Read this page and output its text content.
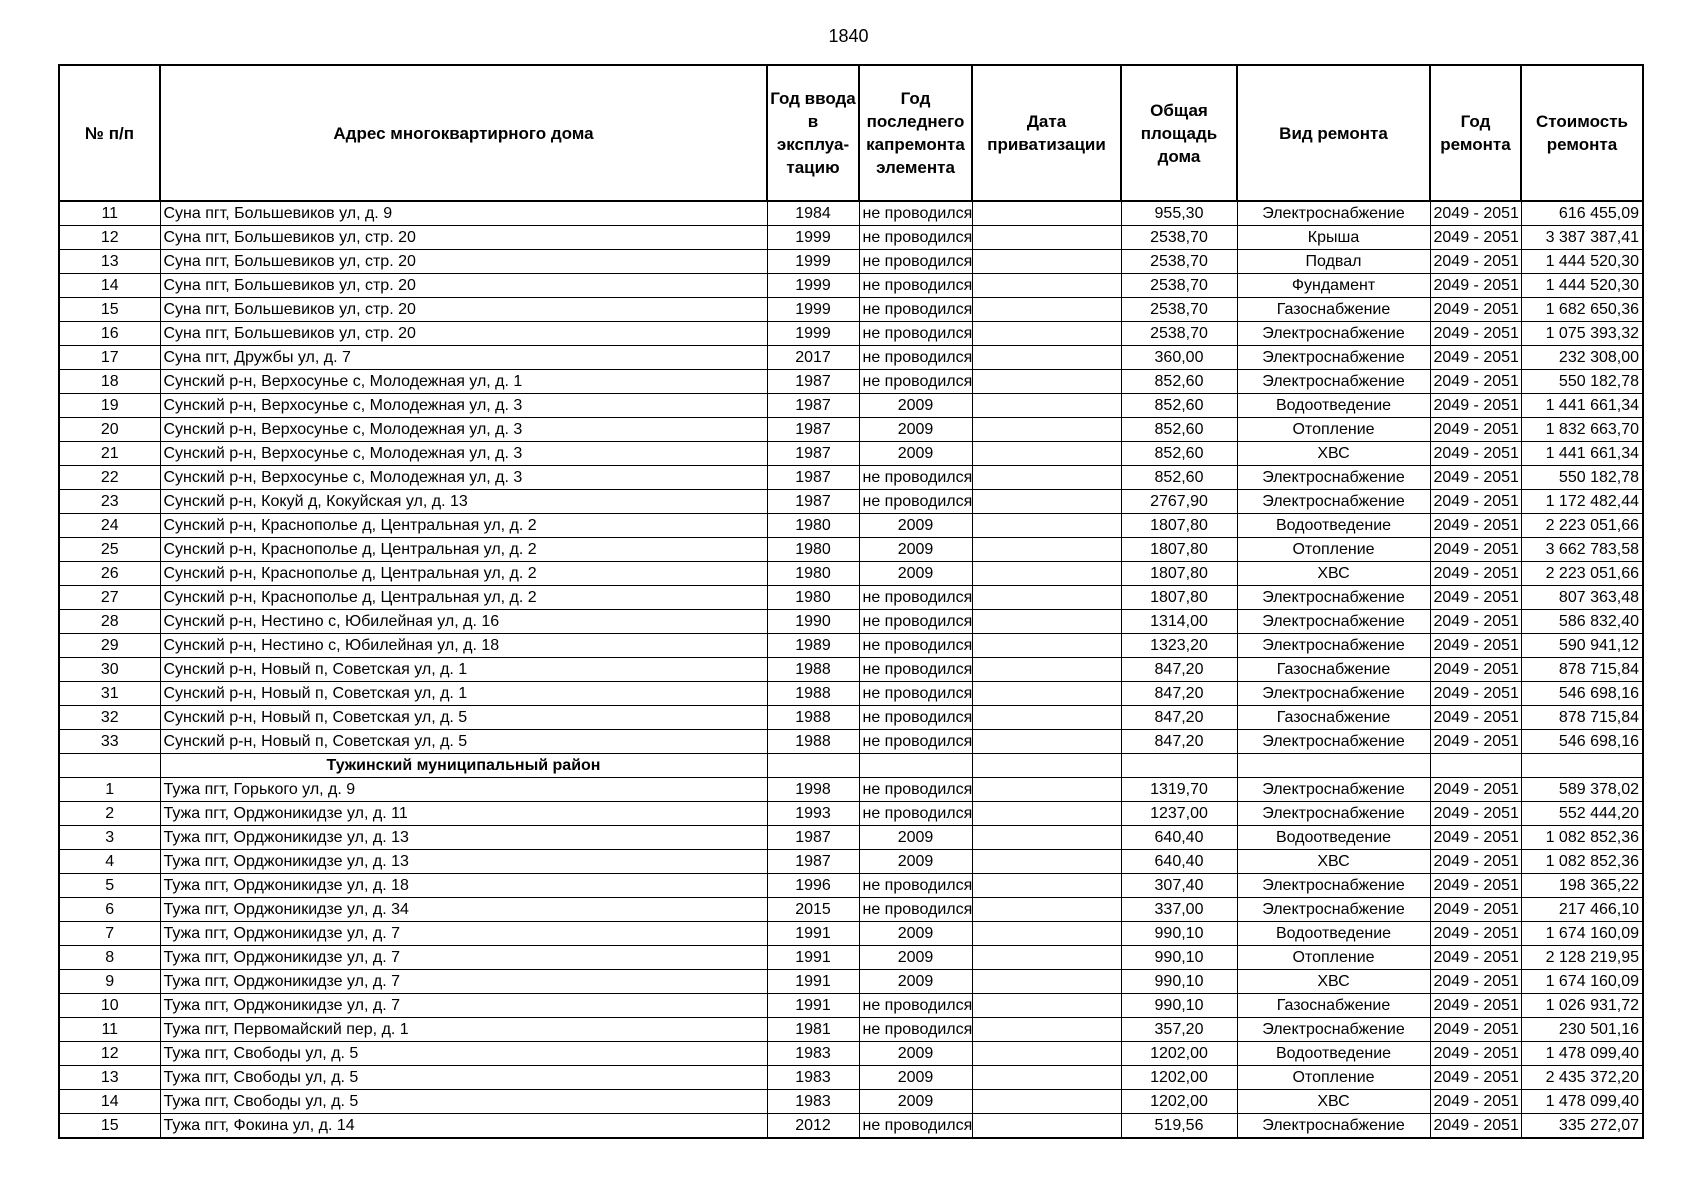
1840
№ п/п	Адрес многоквартирного дома	Год ввода в эксплуа-тацию	Год последнего капремонта элемента	Дата приватизации	Общая площадь дома	Вид ремонта	Год ремонта	Стоимость ремонта
11	Суна пгт, Большевиков ул, д. 9	1984	не проводился		955,30	Электроснабжение	2049 - 2051	616 455,09
12	Суна пгт, Большевиков ул, стр. 20	1999	не проводился		2538,70	Крыша	2049 - 2051	3 387 387,41
13	Суна пгт, Большевиков ул, стр. 20	1999	не проводился		2538,70	Подвал	2049 - 2051	1 444 520,30
14	Суна пгт, Большевиков ул, стр. 20	1999	не проводился		2538,70	Фундамент	2049 - 2051	1 444 520,30
15	Суна пгт, Большевиков ул, стр. 20	1999	не проводился		2538,70	Газоснабжение	2049 - 2051	1 682 650,36
16	Суна пгт, Большевиков ул, стр. 20	1999	не проводился		2538,70	Электроснабжение	2049 - 2051	1 075 393,32
17	Суна пгт, Дружбы ул, д. 7	2017	не проводился		360,00	Электроснабжение	2049 - 2051	232 308,00
18	Сунский р-н, Верхосунье с, Молодежная ул, д. 1	1987	не проводился		852,60	Электроснабжение	2049 - 2051	550 182,78
19	Сунский р-н, Верхосунье с, Молодежная ул, д. 3	1987	2009		852,60	Водоотведение	2049 - 2051	1 441 661,34
20	Сунский р-н, Верхосунье с, Молодежная ул, д. 3	1987	2009		852,60	Отопление	2049 - 2051	1 832 663,70
21	Сунский р-н, Верхосунье с, Молодежная ул, д. 3	1987	2009		852,60	ХВС	2049 - 2051	1 441 661,34
22	Сунский р-н, Верхосунье с, Молодежная ул, д. 3	1987	не проводился		852,60	Электроснабжение	2049 - 2051	550 182,78
23	Сунский р-н, Кокуй д, Кокуйская ул, д. 13	1987	не проводился		2767,90	Электроснабжение	2049 - 2051	1 172 482,44
24	Сунский р-н, Краснополье д, Центральная ул, д. 2	1980	2009		1807,80	Водоотведение	2049 - 2051	2 223 051,66
25	Сунский р-н, Краснополье д, Центральная ул, д. 2	1980	2009		1807,80	Отопление	2049 - 2051	3 662 783,58
26	Сунский р-н, Краснополье д, Центральная ул, д. 2	1980	2009		1807,80	ХВС	2049 - 2051	2 223 051,66
27	Сунский р-н, Краснополье д, Центральная ул, д. 2	1980	не проводился		1807,80	Электроснабжение	2049 - 2051	807 363,48
28	Сунский р-н, Нестино с, Юбилейная ул, д. 16	1990	не проводился		1314,00	Электроснабжение	2049 - 2051	586 832,40
29	Сунский р-н, Нестино с, Юбилейная ул, д. 18	1989	не проводился		1323,20	Электроснабжение	2049 - 2051	590 941,12
30	Сунский р-н, Новый п, Советская ул, д. 1	1988	не проводился		847,20	Газоснабжение	2049 - 2051	878 715,84
31	Сунский р-н, Новый п, Советская ул, д. 1	1988	не проводился		847,20	Электроснабжение	2049 - 2051	546 698,16
32	Сунский р-н, Новый п, Советская ул, д. 5	1988	не проводился		847,20	Газоснабжение	2049 - 2051	878 715,84
33	Сунский р-н, Новый п, Советская ул, д. 5	1988	не проводился		847,20	Электроснабжение	2049 - 2051	546 698,16
	Тужинский муниципальный район							
1	Тужа пгт, Горького ул, д. 9	1998	не проводился		1319,70	Электроснабжение	2049 - 2051	589 378,02
2	Тужа пгт, Орджоникидзе ул, д. 11	1993	не проводился		1237,00	Электроснабжение	2049 - 2051	552 444,20
3	Тужа пгт, Орджоникидзе ул, д. 13	1987	2009		640,40	Водоотведение	2049 - 2051	1 082 852,36
4	Тужа пгт, Орджоникидзе ул, д. 13	1987	2009		640,40	ХВС	2049 - 2051	1 082 852,36
5	Тужа пгт, Орджоникидзе ул, д. 18	1996	не проводился		307,40	Электроснабжение	2049 - 2051	198 365,22
6	Тужа пгт, Орджоникидзе ул, д. 34	2015	не проводился		337,00	Электроснабжение	2049 - 2051	217 466,10
7	Тужа пгт, Орджоникидзе ул, д. 7	1991	2009		990,10	Водоотведение	2049 - 2051	1 674 160,09
8	Тужа пгт, Орджоникидзе ул, д. 7	1991	2009		990,10	Отопление	2049 - 2051	2 128 219,95
9	Тужа пгт, Орджоникидзе ул, д. 7	1991	2009		990,10	ХВС	2049 - 2051	1 674 160,09
10	Тужа пгт, Орджоникидзе ул, д. 7	1991	не проводился		990,10	Газоснабжение	2049 - 2051	1 026 931,72
11	Тужа пгт, Первомайский пер, д. 1	1981	не проводился		357,20	Электроснабжение	2049 - 2051	230 501,16
12	Тужа пгт, Свободы ул, д. 5	1983	2009		1202,00	Водоотведение	2049 - 2051	1 478 099,40
13	Тужа пгт, Свободы ул, д. 5	1983	2009		1202,00	Отопление	2049 - 2051	2 435 372,20
14	Тужа пгт, Свободы ул, д. 5	1983	2009		1202,00	ХВС	2049 - 2051	1 478 099,40
15	Тужа пгт, Фокина ул, д. 14	2012	не проводился		519,56	Электроснабжение	2049 - 2051	335 272,07
